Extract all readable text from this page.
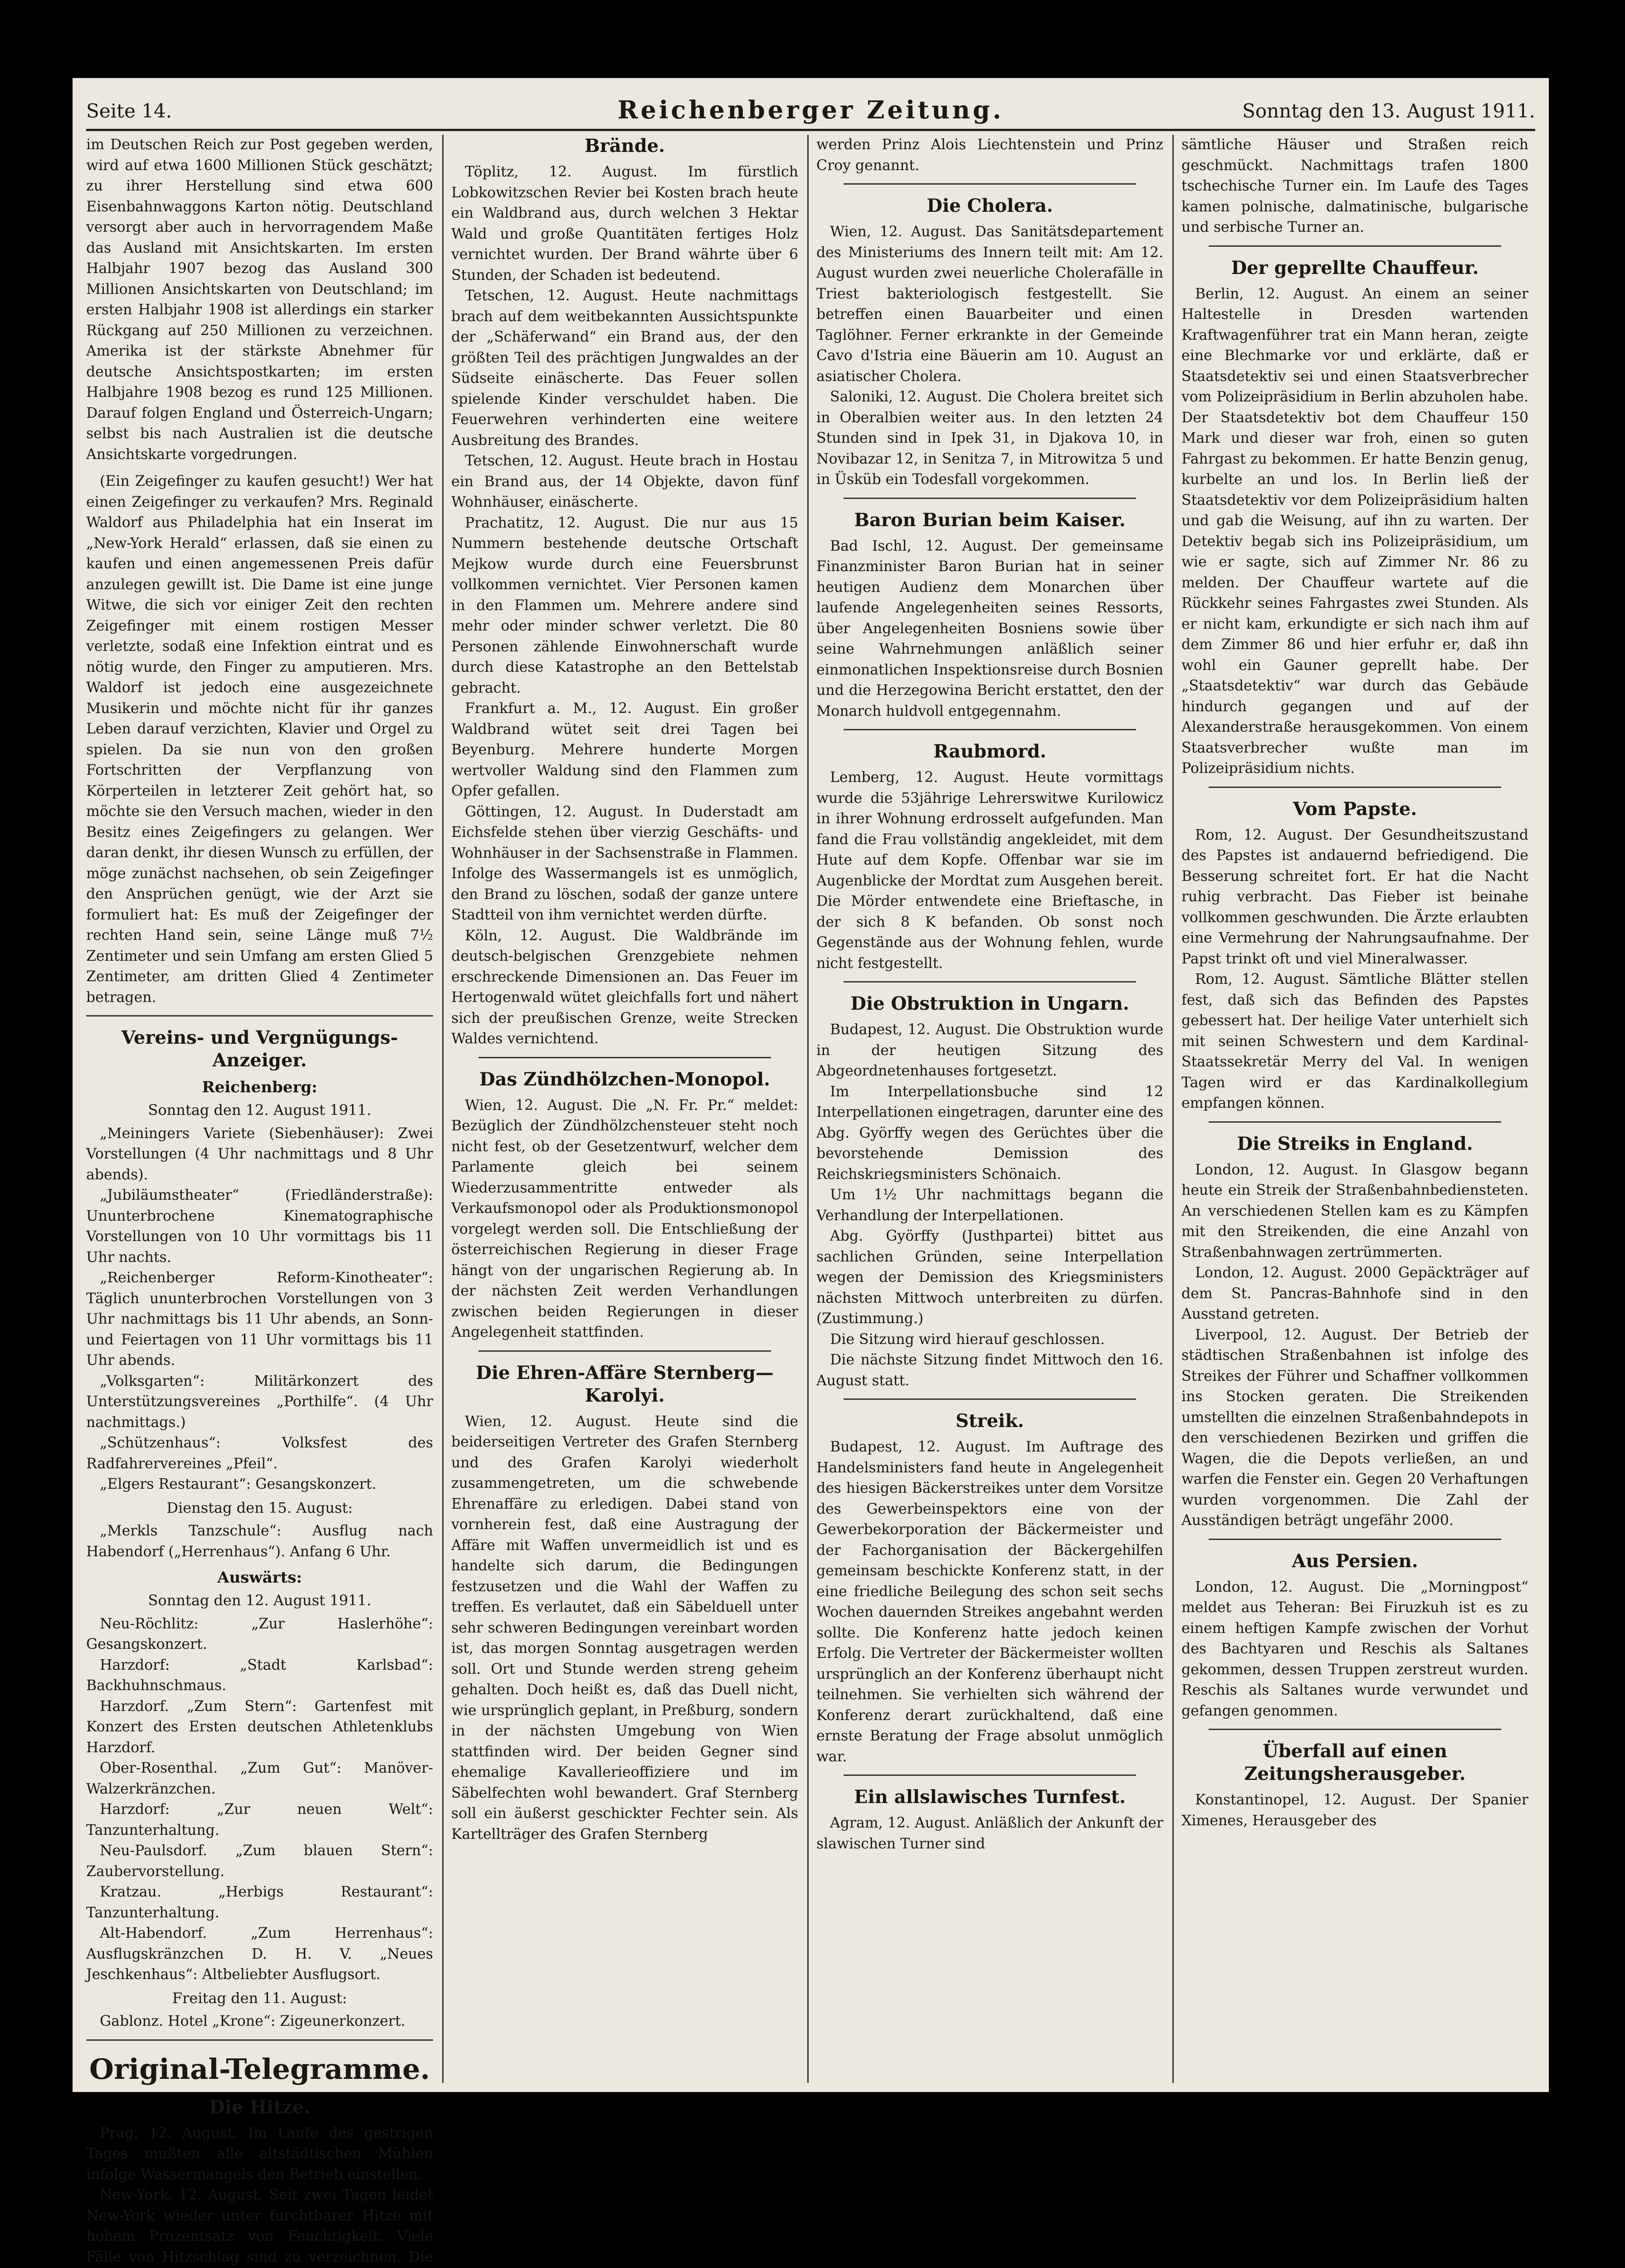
Seite 14.	Reichenberger Zeitung.	Sonntag den 13. August 1911.

im Deutschen Reich zur Post gegeben werden, wird auf etwa 1600 Millionen Stück geschätzt; zu ihrer Herstellung sind etwa 600 Eisenbahnwaggons Karton nötig. Deutschland versorgt aber auch in hervorragendem Maße das Ausland mit Ansichtskarten. Im ersten Halbjahr 1907 bezog das Ausland 300 Millionen Ansichtskarten von Deutschland; im ersten Halbjahr 1908 ist allerdings ein starker Rückgang auf 250 Millionen zu verzeichnen. Amerika ist der stärkste Abnehmer für deutsche Ansichtspostkarten; im ersten Halbjahre 1908 bezog es rund 125 Millionen. Darauf folgen England und Österreich-Ungarn; selbst bis nach Australien ist die deutsche Ansichtskarte vorgedrungen.

(Ein Zeigefinger zu kaufen gesucht!) Wer hat einen Zeigefinger zu verkaufen? Mrs. Reginald Waldorf aus Philadelphia hat ein Inserat im „New-York Herald“ erlassen, daß sie einen zu kaufen und einen angemessenen Preis dafür anzulegen gewillt ist. Die Dame ist eine junge Witwe, die sich vor einiger Zeit den rechten Zeigefinger mit einem rostigen Messer verletzte, sodaß eine Infektion eintrat und es nötig wurde, den Finger zu amputieren. Mrs. Waldorf ist jedoch eine ausgezeichnete Musikerin und möchte nicht für ihr ganzes Leben darauf verzichten, Klavier und Orgel zu spielen. Da sie nun von den großen Fortschritten der Verpflanzung von Körperteilen in letzterer Zeit gehört hat, so möchte sie den Versuch machen, wieder in den Besitz eines Zeigefingers zu gelangen. Wer daran denkt, ihr diesen Wunsch zu erfüllen, der möge zunächst nachsehen, ob sein Zeigefinger den Ansprüchen genügt, wie der Arzt sie formuliert hat: Es muß der Zeigefinger der rechten Hand sein, seine Länge muß 7½ Zentimeter und sein Umfang am ersten Glied 5 Zentimeter, am dritten Glied 4 Zentimeter betragen.

Vereins- und Vergnügungs-Anzeiger.
Reichenberg:
Sonntag den 12. August 1911.

„Meiningers Variete (Siebenhäuser): Zwei Vorstellungen (4 Uhr nachmittags und 8 Uhr abends).

„Jubiläumstheater“ (Friedländerstraße): Ununterbrochene Kinematographische Vorstellungen von 10 Uhr vormittags bis 11 Uhr nachts.

„Reichenberger Reform-Kinotheater“: Täglich ununterbrochen Vorstellungen von 3 Uhr nachmittags bis 11 Uhr abends, an Sonn- und Feiertagen von 11 Uhr vormittags bis 11 Uhr abends.

„Volksgarten“: Militärkonzert des Unterstützungsvereines „Porthilfe“. (4 Uhr nachmittags.)

„Schützenhaus“: Volksfest des Radfahrervereines „Pfeil“.

„Elgers Restaurant“: Gesangskonzert.

Dienstag den 15. August:

„Merkls Tanzschule“: Ausflug nach Habendorf („Herrenhaus“). Anfang 6 Uhr.

Auswärts:
Sonntag den 12. August 1911.

Neu-Röchlitz: „Zur Haslerhöhe“: Gesangskonzert.

Harzdorf: „Stadt Karlsbad“: Backhuhnschmaus.

Harzdorf. „Zum Stern“: Gartenfest mit Konzert des Ersten deutschen Athletenklubs Harzdorf.

Ober-Rosenthal. „Zum Gut“: Manöver-Walzerkränzchen.

Harzdorf: „Zur neuen Welt“: Tanzunterhaltung.

Neu-Paulsdorf. „Zum blauen Stern“: Zaubervorstellung.

Kratzau. „Herbigs Restaurant“: Tanzunterhaltung.

Alt-Habendorf. „Zum Herrenhaus“: Ausflugskränzchen D. H. V. „Neues Jeschkenhaus“: Altbeliebter Ausflugsort.

Freitag den 11. August:

Gablonz. Hotel „Krone“: Zigeunerkonzert.

Original-Telegramme.
Die Hitze.

Prag, 12. August. Im Laufe des gestrigen Tages mußten alle altstädtischen Mühlen infolge Wassermangels den Betrieb einstellen.

New-York, 12. August. Seit zwei Tagen leidet New-York wieder unter furchtbarer Hitze mit hohem Prozentsatz von Feuchtigkeit. Viele Fälle von Hitzschlag sind zu verzeichnen. Die

Brände.

Töplitz, 12. August. Im fürstlich Lobkowitzschen Revier bei Kosten brach heute ein Waldbrand aus, durch welchen 3 Hektar Wald und große Quantitäten fertiges Holz vernichtet wurden. Der Brand währte über 6 Stunden, der Schaden ist bedeutend.

Tetschen, 12. August. Heute nachmittags brach auf dem weitbekannten Aussichtspunkte der „Schäferwand“ ein Brand aus, der den größten Teil des prächtigen Jungwaldes an der Südseite einäscherte. Das Feuer sollen spielende Kinder verschuldet haben. Die Feuerwehren verhinderten eine weitere Ausbreitung des Brandes.

Tetschen, 12. August. Heute brach in Hostau ein Brand aus, der 14 Objekte, davon fünf Wohnhäuser, einäscherte.

Prachatitz, 12. August. Die nur aus 15 Nummern bestehende deutsche Ortschaft Mejkow wurde durch eine Feuersbrunst vollkommen vernichtet. Vier Personen kamen in den Flammen um. Mehrere andere sind mehr oder minder schwer verletzt. Die 80 Personen zählende Einwohnerschaft wurde durch diese Katastrophe an den Bettelstab gebracht.

Frankfurt a. M., 12. August. Ein großer Waldbrand wütet seit drei Tagen bei Beyenburg. Mehrere hunderte Morgen wertvoller Waldung sind den Flammen zum Opfer gefallen.

Göttingen, 12. August. In Duderstadt am Eichsfelde stehen über vierzig Geschäfts- und Wohnhäuser in der Sachsenstraße in Flammen. Infolge des Wassermangels ist es unmöglich, den Brand zu löschen, sodaß der ganze untere Stadtteil von ihm vernichtet werden dürfte.

Köln, 12. August. Die Waldbrände im deutsch-belgischen Grenzgebiete nehmen erschreckende Dimensionen an. Das Feuer im Hertogenwald wütet gleichfalls fort und nähert sich der preußischen Grenze, weite Strecken Waldes vernichtend.

Das Zündhölzchen-Monopol.

Wien, 12. August. Die „N. Fr. Pr.“ meldet: Bezüglich der Zündhölzchensteuer steht noch nicht fest, ob der Gesetzentwurf, welcher dem Parlamente gleich bei seinem Wiederzusammentritte entweder als Verkaufsmonopol oder als Produktionsmonopol vorgelegt werden soll. Die Entschließung der österreichischen Regierung in dieser Frage hängt von der ungarischen Regierung ab. In der nächsten Zeit werden Verhandlungen zwischen beiden Regierungen in dieser Angelegenheit stattfinden.

Die Ehren-Affäre Sternberg—Karolyi.

Wien, 12. August. Heute sind die beiderseitigen Vertreter des Grafen Sternberg und des Grafen Karolyi wiederholt zusammengetreten, um die schwebende Ehrenaffäre zu erledigen. Dabei stand von vornherein fest, daß eine Austragung der Affäre mit Waffen unvermeidlich ist und es handelte sich darum, die Bedingungen festzusetzen und die Wahl der Waffen zu treffen. Es verlautet, daß ein Säbelduell unter sehr schweren Bedingungen vereinbart worden ist, das morgen Sonntag ausgetragen werden soll. Ort und Stunde werden streng geheim gehalten. Doch heißt es, daß das Duell nicht, wie ursprünglich geplant, in Preßburg, sondern in der nächsten Umgebung von Wien stattfinden wird. Der beiden Gegner sind ehemalige Kavallerieoffiziere und im Säbelfechten wohl bewandert. Graf Sternberg soll ein äußerst geschickter Fechter sein. Als Kartellträger des Grafen Sternberg

werden Prinz Alois Liechtenstein und Prinz Croy genannt.

Die Cholera.

Wien, 12. August. Das Sanitätsdepartement des Ministeriums des Innern teilt mit: Am 12. August wurden zwei neuerliche Cholerafälle in Triest bakteriologisch festgestellt. Sie betreffen einen Bauarbeiter und einen Taglöhner. Ferner erkrankte in der Gemeinde Cavo d'Istria eine Bäuerin am 10. August an asiatischer Cholera.

Saloniki, 12. August. Die Cholera breitet sich in Oberalbien weiter aus. In den letzten 24 Stunden sind in Ipek 31, in Djakova 10, in Novibazar 12, in Senitza 7, in Mitrowitza 5 und in Üsküb ein Todesfall vorgekommen.

Baron Burian beim Kaiser.

Bad Ischl, 12. August. Der gemeinsame Finanzminister Baron Burian hat in seiner heutigen Audienz dem Monarchen über laufende Angelegenheiten seines Ressorts, über Angelegenheiten Bosniens sowie über seine Wahrnehmungen anläßlich seiner einmonatlichen Inspektionsreise durch Bosnien und die Herzegowina Bericht erstattet, den der Monarch huldvoll entgegennahm.

Raubmord.

Lemberg, 12. August. Heute vormittags wurde die 53jährige Lehrerswitwe Kurilowicz in ihrer Wohnung erdrosselt aufgefunden. Man fand die Frau vollständig angekleidet, mit dem Hute auf dem Kopfe. Offenbar war sie im Augenblicke der Mordtat zum Ausgehen bereit. Die Mörder entwendete eine Brieftasche, in der sich 8 K befanden. Ob sonst noch Gegenstände aus der Wohnung fehlen, wurde nicht festgestellt.

Die Obstruktion in Ungarn.

Budapest, 12. August. Die Obstruktion wurde in der heutigen Sitzung des Abgeordnetenhauses fortgesetzt.

Im Interpellationsbuche sind 12 Interpellationen eingetragen, darunter eine des Abg. Györffy wegen des Gerüchtes über die bevorstehende Demission des Reichskriegsministers Schönaich.

Um 1½ Uhr nachmittags begann die Verhandlung der Interpellationen.

Abg. Györffy (Justhpartei) bittet aus sachlichen Gründen, seine Interpellation wegen der Demission des Kriegsministers nächsten Mittwoch unterbreiten zu dürfen. (Zustimmung.)

Die Sitzung wird hierauf geschlossen.

Die nächste Sitzung findet Mittwoch den 16. August statt.

Streik.

Budapest, 12. August. Im Auftrage des Handelsministers fand heute in Angelegenheit des hiesigen Bäckerstreikes unter dem Vorsitze des Gewerbeinspektors eine von der Gewerbekorporation der Bäckermeister und der Fachorganisation der Bäckergehilfen gemeinsam beschickte Konferenz statt, in der eine friedliche Beilegung des schon seit sechs Wochen dauernden Streikes angebahnt werden sollte. Die Konferenz hatte jedoch keinen Erfolg. Die Vertreter der Bäckermeister wollten ursprünglich an der Konferenz überhaupt nicht teilnehmen. Sie verhielten sich während der Konferenz derart zurückhaltend, daß eine ernste Beratung der Frage absolut unmöglich war.

Ein allslawisches Turnfest.

Agram, 12. August. Anläßlich der Ankunft der slawischen Turner sind

sämtliche Häuser und Straßen reich geschmückt. Nachmittags trafen 1800 tschechische Turner ein. Im Laufe des Tages kamen polnische, dalmatinische, bulgarische und serbische Turner an.

Der geprellte Chauffeur.

Berlin, 12. August. An einem an seiner Haltestelle in Dresden wartenden Kraftwagenführer trat ein Mann heran, zeigte eine Blechmarke vor und erklärte, daß er Staatsdetektiv sei und einen Staatsverbrecher vom Polizeipräsidium in Berlin abzuholen habe. Der Staatsdetektiv bot dem Chauffeur 150 Mark und dieser war froh, einen so guten Fahrgast zu bekommen. Er hatte Benzin genug, kurbelte an und los. In Berlin ließ der Staatsdetektiv vor dem Polizeipräsidium halten und gab die Weisung, auf ihn zu warten. Der Detektiv begab sich ins Polizeipräsidium, um wie er sagte, sich auf Zimmer Nr. 86 zu melden. Der Chauffeur wartete auf die Rückkehr seines Fahrgastes zwei Stunden. Als er nicht kam, erkundigte er sich nach ihm auf dem Zimmer 86 und hier erfuhr er, daß ihn wohl ein Gauner geprellt habe. Der „Staatsdetektiv“ war durch das Gebäude hindurch gegangen und auf der Alexanderstraße herausgekommen. Von einem Staatsverbrecher wußte man im Polizeipräsidium nichts.

Vom Papste.

Rom, 12. August. Der Gesundheitszustand des Papstes ist andauernd befriedigend. Die Besserung schreitet fort. Er hat die Nacht ruhig verbracht. Das Fieber ist beinahe vollkommen geschwunden. Die Ärzte erlaubten eine Vermehrung der Nahrungsaufnahme. Der Papst trinkt oft und viel Mineralwasser.

Rom, 12. August. Sämtliche Blätter stellen fest, daß sich das Befinden des Papstes gebessert hat. Der heilige Vater unterhielt sich mit seinen Schwestern und dem Kardinal-Staatssekretär Merry del Val. In wenigen Tagen wird er das Kardinalkollegium empfangen können.

Die Streiks in England.

London, 12. August. In Glasgow begann heute ein Streik der Straßenbahnbediensteten. An verschiedenen Stellen kam es zu Kämpfen mit den Streikenden, die eine Anzahl von Straßenbahnwagen zertrümmerten.

London, 12. August. 2000 Gepäckträger auf dem St. Pancras-Bahnhofe sind in den Ausstand getreten.

Liverpool, 12. August. Der Betrieb der städtischen Straßenbahnen ist infolge des Streikes der Führer und Schaffner vollkommen ins Stocken geraten. Die Streikenden umstellten die einzelnen Straßenbahndepots in den verschiedenen Bezirken und griffen die Wagen, die die Depots verließen, an und warfen die Fenster ein. Gegen 20 Verhaftungen wurden vorgenommen. Die Zahl der Ausständigen beträgt ungefähr 2000.

Aus Persien.

London, 12. August. Die „Morningpost“ meldet aus Teheran: Bei Firuzkuh ist es zu einem heftigen Kampfe zwischen der Vorhut des Bachtyaren und Reschis als Saltanes gekommen, dessen Truppen zerstreut wurden. Reschis als Saltanes wurde verwundet und gefangen genommen.

Überfall auf einen Zeitungsherausgeber.

Konstantinopel, 12. August. Der Spanier Ximenes, Herausgeber des
